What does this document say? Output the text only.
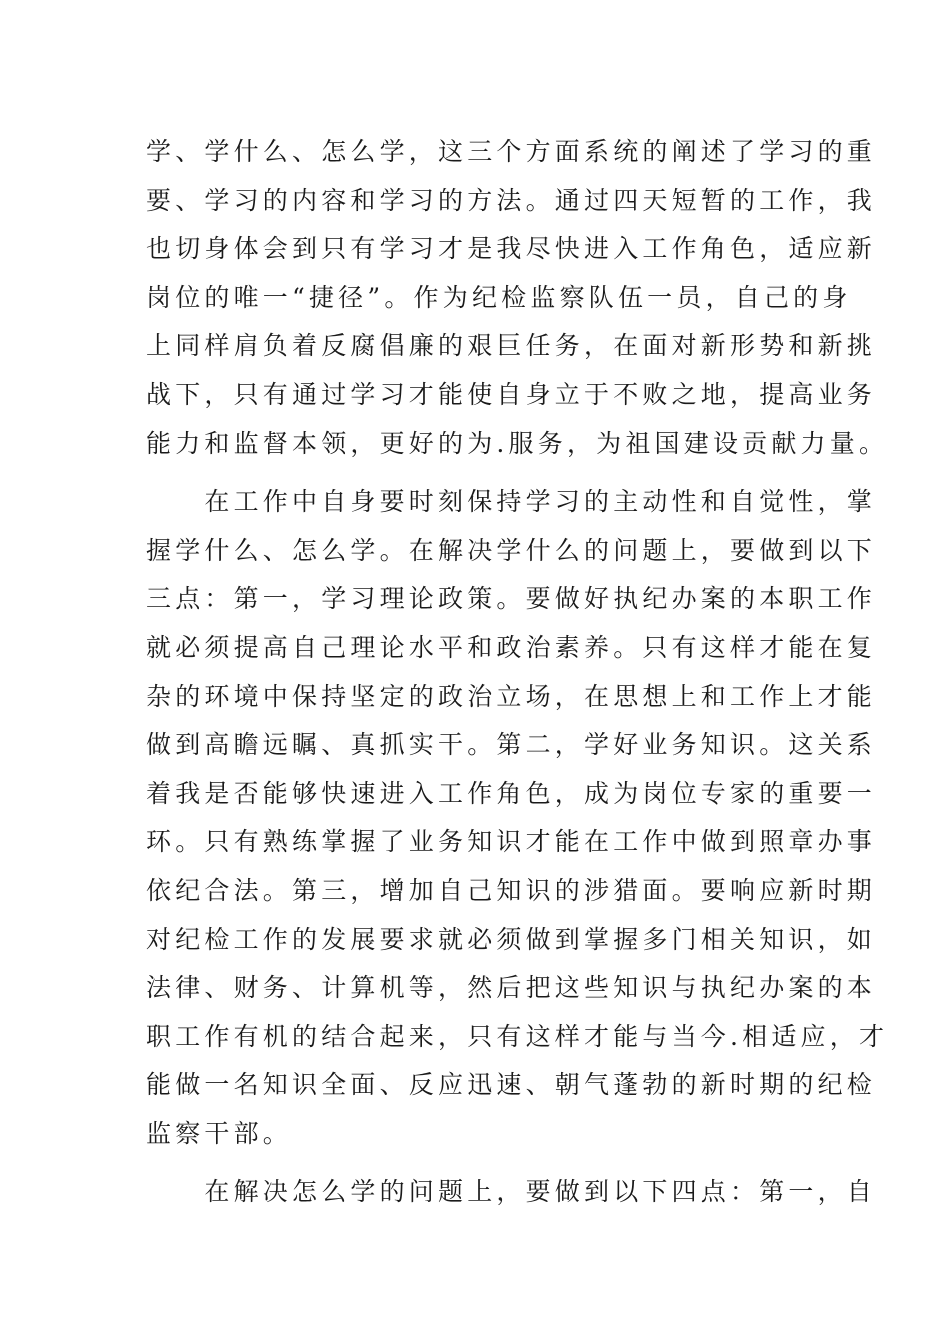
学、学什么、怎么学，这三个方面系统的阐述了学习的重
要、学习的内容和学习的方法。通过四天短暂的工作，我
也切身体会到只有学习才是我尽快进入工作角色，适应新
岗位的唯一“捷径”。作为纪检监察队伍一员，自己的身
上同样肩负着反腐倡廉的艰巨任务，在面对新形势和新挑
战下，只有通过学习才能使自身立于不败之地，提高业务
能力和监督本领，更好的为.服务，为祖国建设贡献力量。
　　在工作中自身要时刻保持学习的主动性和自觉性，掌
握学什么、怎么学。在解决学什么的问题上，要做到以下
三点：第一，学习理论政策。要做好执纪办案的本职工作
就必须提高自己理论水平和政治素养。只有这样才能在复
杂的环境中保持坚定的政治立场，在思想上和工作上才能
做到高瞻远瞩、真抓实干。第二，学好业务知识。这关系
着我是否能够快速进入工作角色，成为岗位专家的重要一
环。只有熟练掌握了业务知识才能在工作中做到照章办事
依纪合法。第三，增加自己知识的涉猎面。要响应新时期
对纪检工作的发展要求就必须做到掌握多门相关知识，如
法律、财务、计算机等，然后把这些知识与执纪办案的本
职工作有机的结合起来，只有这样才能与当今.相适应，才
能做一名知识全面、反应迅速、朝气蓬勃的新时期的纪检
监察干部。
　　在解决怎么学的问题上，要做到以下四点：第一，自
